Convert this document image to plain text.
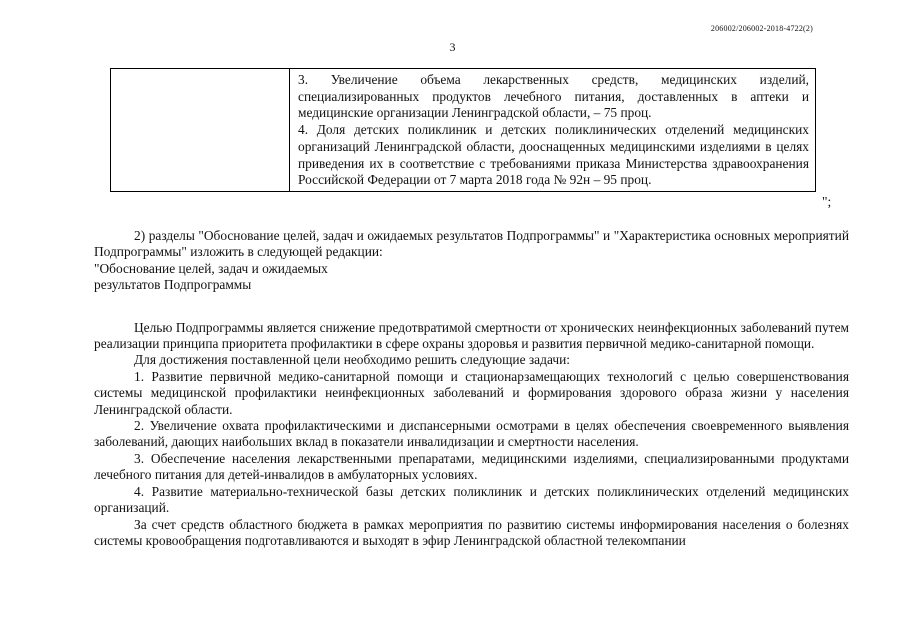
206002/206002-2018-4722(2)
3

3. Увеличение объема лекарственных средств, медицинских изделий, специализированных продуктов лечебного питания, доставленных в аптеки и медицинские организации Ленинградской области, – 75 проц.

4. Доля детских поликлиник и детских поликлинических отделений медицинских организаций Ленинградской области, дооснащенных медицинскими изделиями в целях приведения их в соответствие с требованиями приказа Министерства здравоохранения Российской Федерации от 7 марта 2018 года № 92н – 95 проц.

";

2) разделы "Обоснование целей, задач и ожидаемых результатов Подпрограммы" и "Характеристика основных мероприятий Подпрограммы" изложить в следующей редакции:

"Обоснование целей, задач и ожидаемых

результатов Подпрограммы

Целью Подпрограммы является снижение предотвратимой смертности от хронических неинфекционных заболеваний путем реализации принципа приоритета профилактики в сфере охраны здоровья и развития первичной медико-санитарной помощи.

Для достижения поставленной цели необходимо решить следующие задачи:

1. Развитие первичной медико-санитарной помощи и стационарзамещающих технологий с целью совершенствования системы медицинской профилактики неинфекционных заболеваний и формирования здорового образа жизни у населения Ленинградской области.

2. Увеличение охвата профилактическими и диспансерными осмотрами в целях обеспечения своевременного выявления заболеваний, дающих наибольших вклад в показатели инвалидизации и смертности населения.

3. Обеспечение населения лекарственными препаратами, медицинскими изделиями, специализированными продуктами лечебного питания для детей-инвалидов в амбулаторных условиях.

4. Развитие материально-технической базы детских поликлиник и детских поликлинических отделений медицинских организаций.

За счет средств областного бюджета в рамках мероприятия по развитию системы информирования населения о болезнях системы кровообращения подготавливаются и выходят в эфир Ленинградской областной телекомпании
